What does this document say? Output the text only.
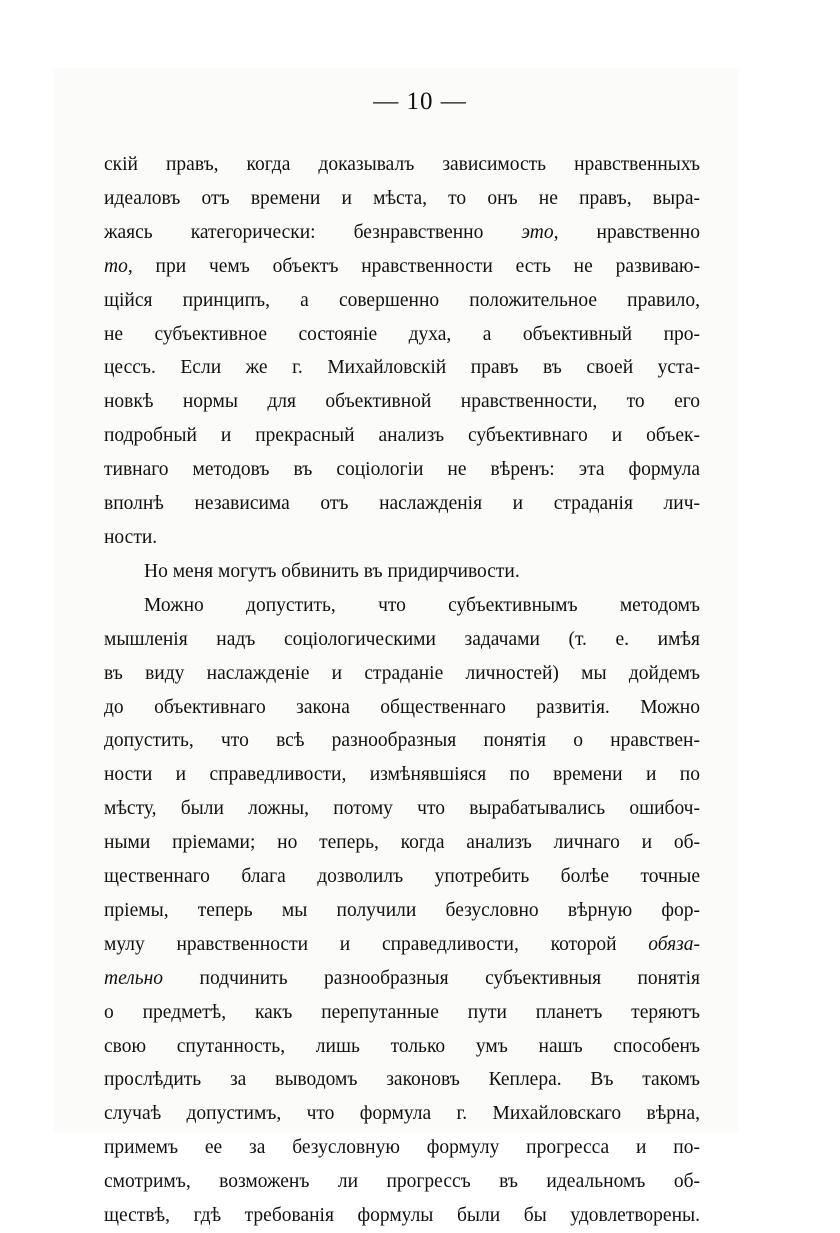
— 10 —

скій правъ, когда доказывалъ зависимость нравственныхъ
идеаловъ отъ времени и мѣста, то онъ не правъ, выра-
жаясь категорически: безнравственно это, нравственно
то, при чемъ объектъ нравственности есть не развиваю-
щійся принципъ, а совершенно положительное правило,
не субъективное состояніе духа, а объективный про-
цессъ. Если же г. Михайловскій правъ въ своей уста-
новкѣ нормы для объективной нравственности, то его
подробный и прекрасный анализъ субъективнаго и объек-
тивнаго методовъ въ соціологіи не вѣренъ: эта формула
вполнѣ независима отъ наслажденія и страданія лич-
ности.

Но меня могутъ обвинить въ придирчивости.

Можно допустить, что субъективнымъ методомъ
мышленія надъ соціологическими задачами (т. е. имѣя
въ виду наслажденіе и страданіе личностей) мы дойдемъ
до объективнаго закона общественнаго развитія. Можно
допустить, что всѣ разнообразныя понятія о нравствен-
ности и справедливости, измѣнявшіяся по времени и по
мѣсту, были ложны, потому что вырабатывались ошибоч-
ными пріемами; но теперь, когда анализъ личнаго и об-
щественнаго блага дозволилъ употребить болѣе точные
пріемы, теперь мы получили безусловно вѣрную фор-
мулу нравственности и справедливости, которой обяза-
тельно подчинить разнообразныя субъективныя понятія
о предметѣ, какъ перепутанные пути планетъ теряютъ
свою спутанность, лишь только умъ нашъ способенъ
прослѣдить за выводомъ законовъ Кеплера. Въ такомъ
случаѣ допустимъ, что формула г. Михайловскаго вѣрна,
примемъ ее за безусловную формулу прогресса и по-
смотримъ, возможенъ ли прогрессъ въ идеальномъ об-
ществѣ, гдѣ требованія формулы были бы удовлетворены.
